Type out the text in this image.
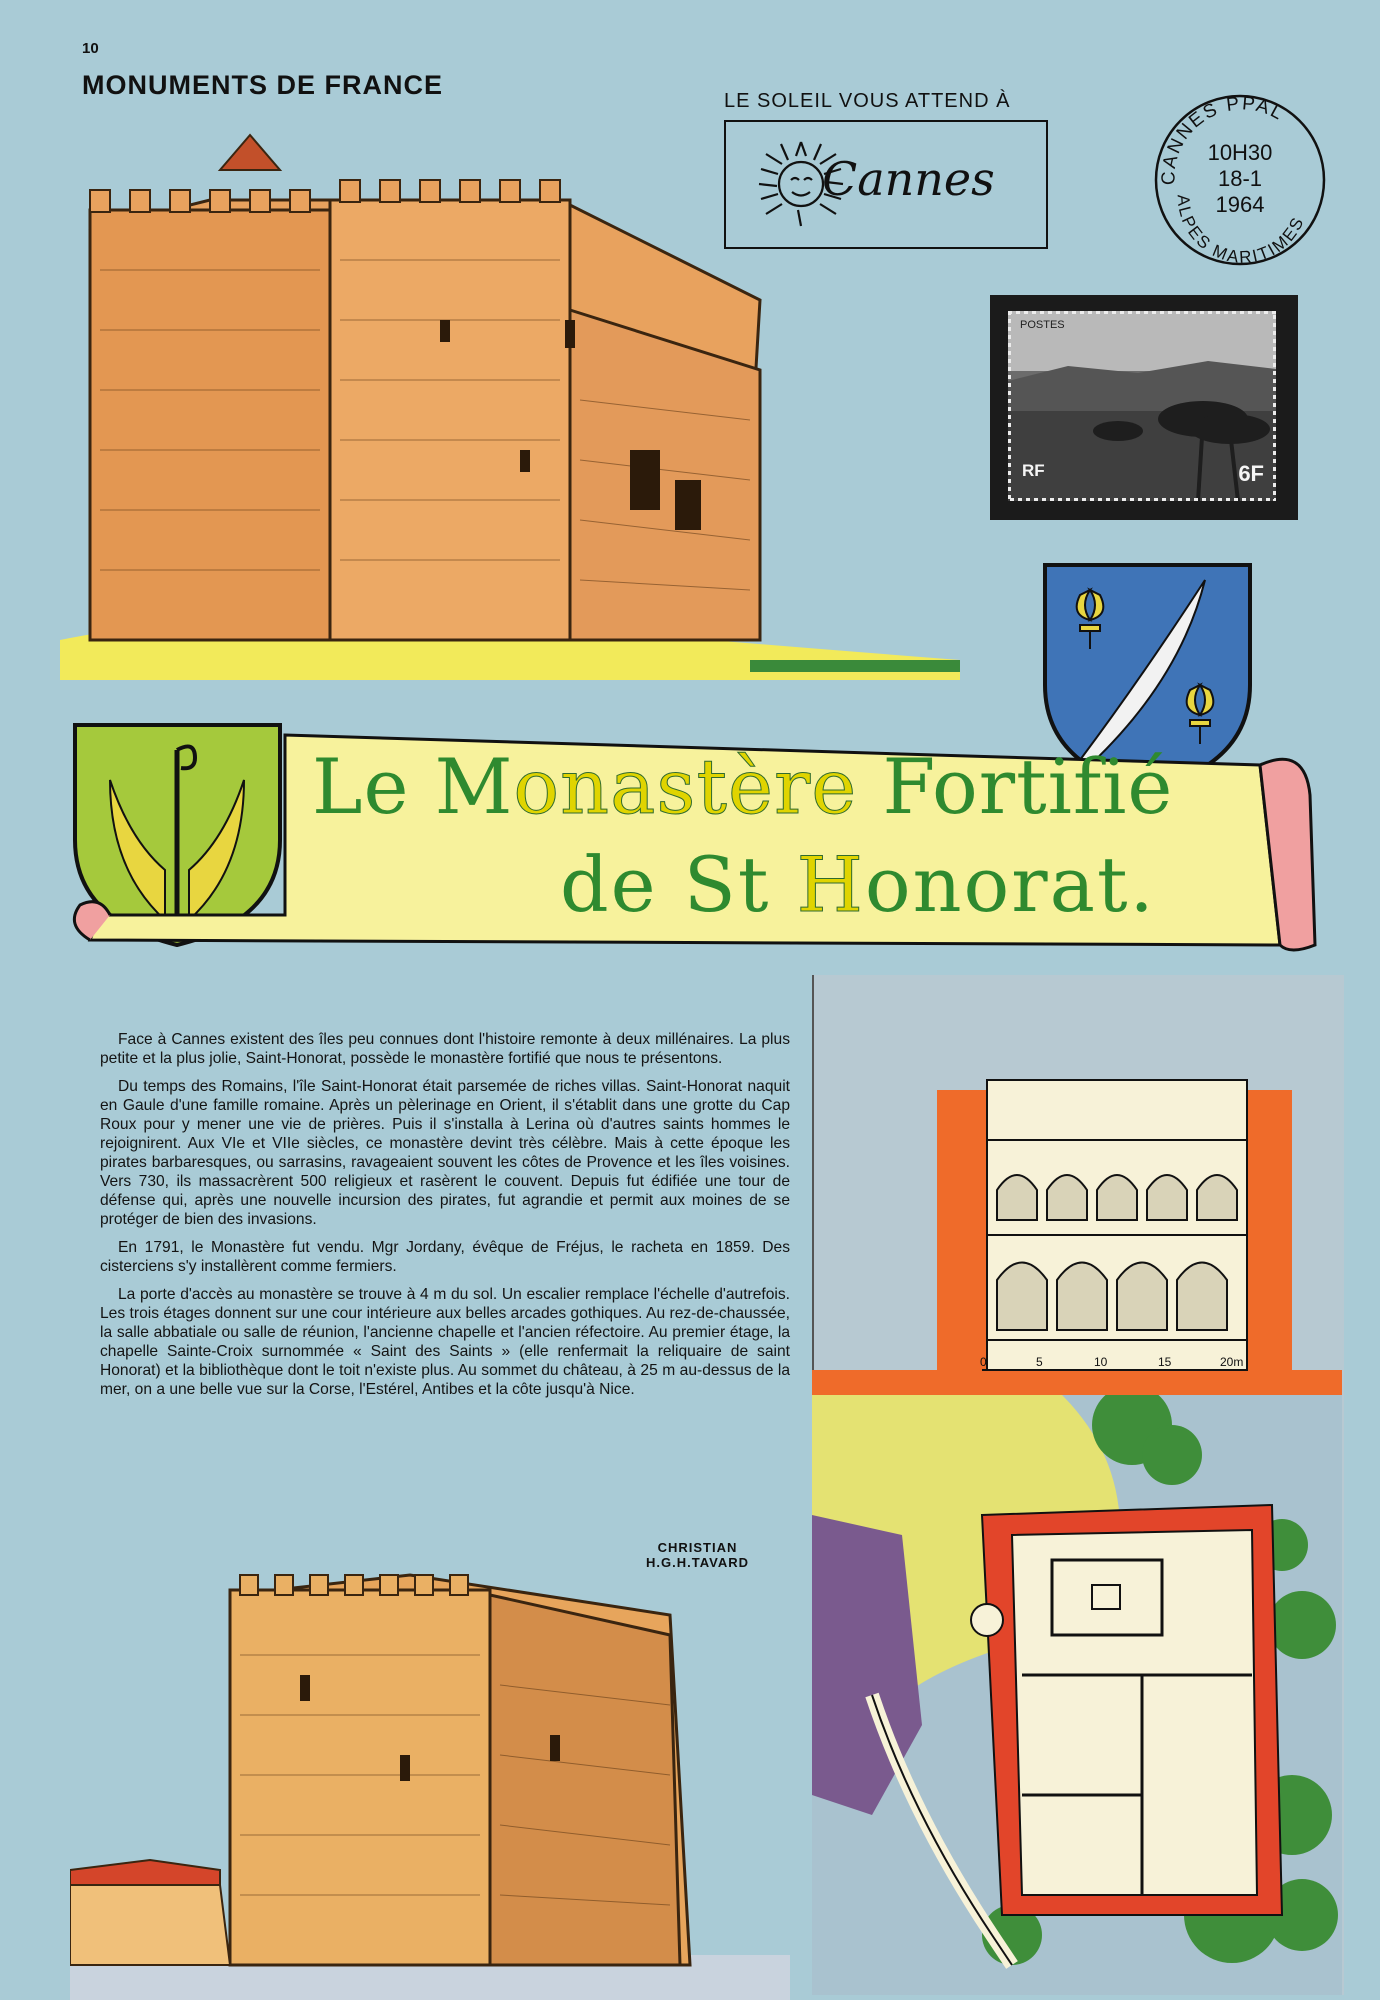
10
MONUMENTS DE FRANCE
LE SOLEIL VOUS ATTEND À
Cannes	CANNES PPAL
ALPES MARITIMES
10H30
18-1
1964
POSTES
RF	6F
Le Monastère Fortifié
de St Honorat.

Face à Cannes existent des îles peu connues dont l'histoire remonte à deux millénaires. La plus petite et la plus jolie, Saint-Honorat, possède le monastère fortifié que nous te présentons.

Du temps des Romains, l'île Saint-Honorat était parsemée de riches villas. Saint-Honorat naquit en Gaule d'une famille romaine. Après un pèlerinage en Orient, il s'établit dans une grotte du Cap Roux pour y mener une vie de prières. Puis il s'installa à Lerina où d'autres saints hommes le rejoignirent. Aux VIe et VIIe siècles, ce monastère devint très célèbre. Mais à cette époque les pirates barbaresques, ou sarrasins, ravageaient souvent les côtes de Provence et les îles voisines. Vers 730, ils massacrèrent 500 religieux et rasèrent le couvent. Depuis fut édifiée une tour de défense qui, après une nouvelle incursion des pirates, fut agrandie et permit aux moines de se protéger de bien des invasions.

En 1791, le Monastère fut vendu. Mgr Jordany, évêque de Fréjus, le racheta en 1859. Des cisterciens s'y installèrent comme fermiers.

La porte d'accès au monastère se trouve à 4 m du sol. Un escalier remplace l'échelle d'autrefois. Les trois étages donnent sur une cour intérieure aux belles arcades gothiques. Au rez-de-chaussée, la salle abbatiale ou salle de réunion, l'ancienne chapelle et l'ancien réfectoire. Au premier étage, la chapelle Sainte-Croix surnommée « Saint des Saints » (elle renfermait la reliquaire de saint Honorat) et la bibliothèque dont le toit n'existe plus. Au sommet du château, à 25 m au-dessus de la mer, on a une belle vue sur la Corse, l'Estérel, Antibes et la côte jusqu'à Nice.

CHRISTIAN
H.G.H.TAVARD
0	5	10	15	20m
